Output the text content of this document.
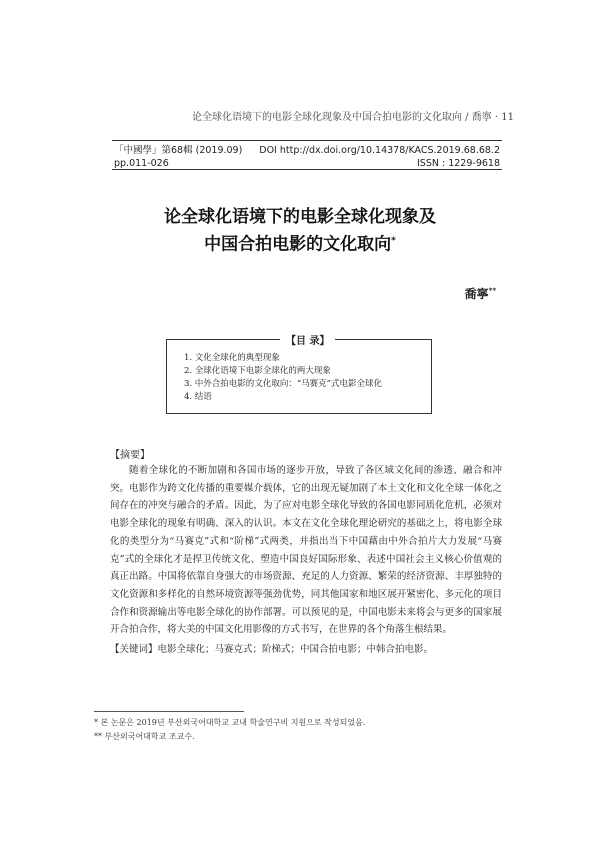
论全球化语境下的电影全球化现象及中国合拍电影的文化取向 / 喬寧 · 11
「中國學」第68輯 (2019.09)
pp.011-026
DOI http://dx.doi.org/10.14378/KACS.2019.68.68.2
ISSN : 1229-9618
论全球化语境下的电影全球化现象及
中国合拍电影的文化取向*
喬寧**
【目 录】
1. 文化全球化的典型现象
2. 全球化语境下电影全球化的两大现象
3. 中外合拍电影的文化取向：“马赛克”式电影全球化
4. 结语
【摘要】
随着全球化的不断加剧和各国市场的逐步开放，导致了各区域文化间的渗透、融合和冲突。电影作为跨文化传播的重要媒介载体，它的出现无疑加剧了本土文化和文化全球一体化之间存在的冲突与融合的矛盾。因此，为了应对电影全球化导致的各国电影同质化危机，必须对电影全球化的现象有明确、深入的认识。本文在文化全球化理论研究的基础之上，将电影全球化的类型分为“马赛克”式和“阶梯”式两类，并指出当下中国藉由中外合拍片大力发展“马赛克”式的全球化才是捍卫传统文化、塑造中国良好国际形象、表述中国社会主义核心价值观的真正出路。中国将依靠自身强大的市场资源、充足的人力资源、繁荣的经济资源、丰厚独特的文化资源和多样化的自然环境资源等强劲优势，同其他国家和地区展开紧密化、多元化的项目合作和资源输出等电影全球化的协作部署。可以预见的是，中国电影未来将会与更多的国家展开合拍合作，将大美的中国文化用影像的方式书写，在世界的各个角落生根结果。
【关键词】电影全球化；马赛克式；阶梯式；中国合拍电影；中韩合拍电影。
* 본 논문은 2019년 부산외국어대학교 교내 학술연구비 지원으로 작성되었음.
** 부산외국어대학교 조교수.
